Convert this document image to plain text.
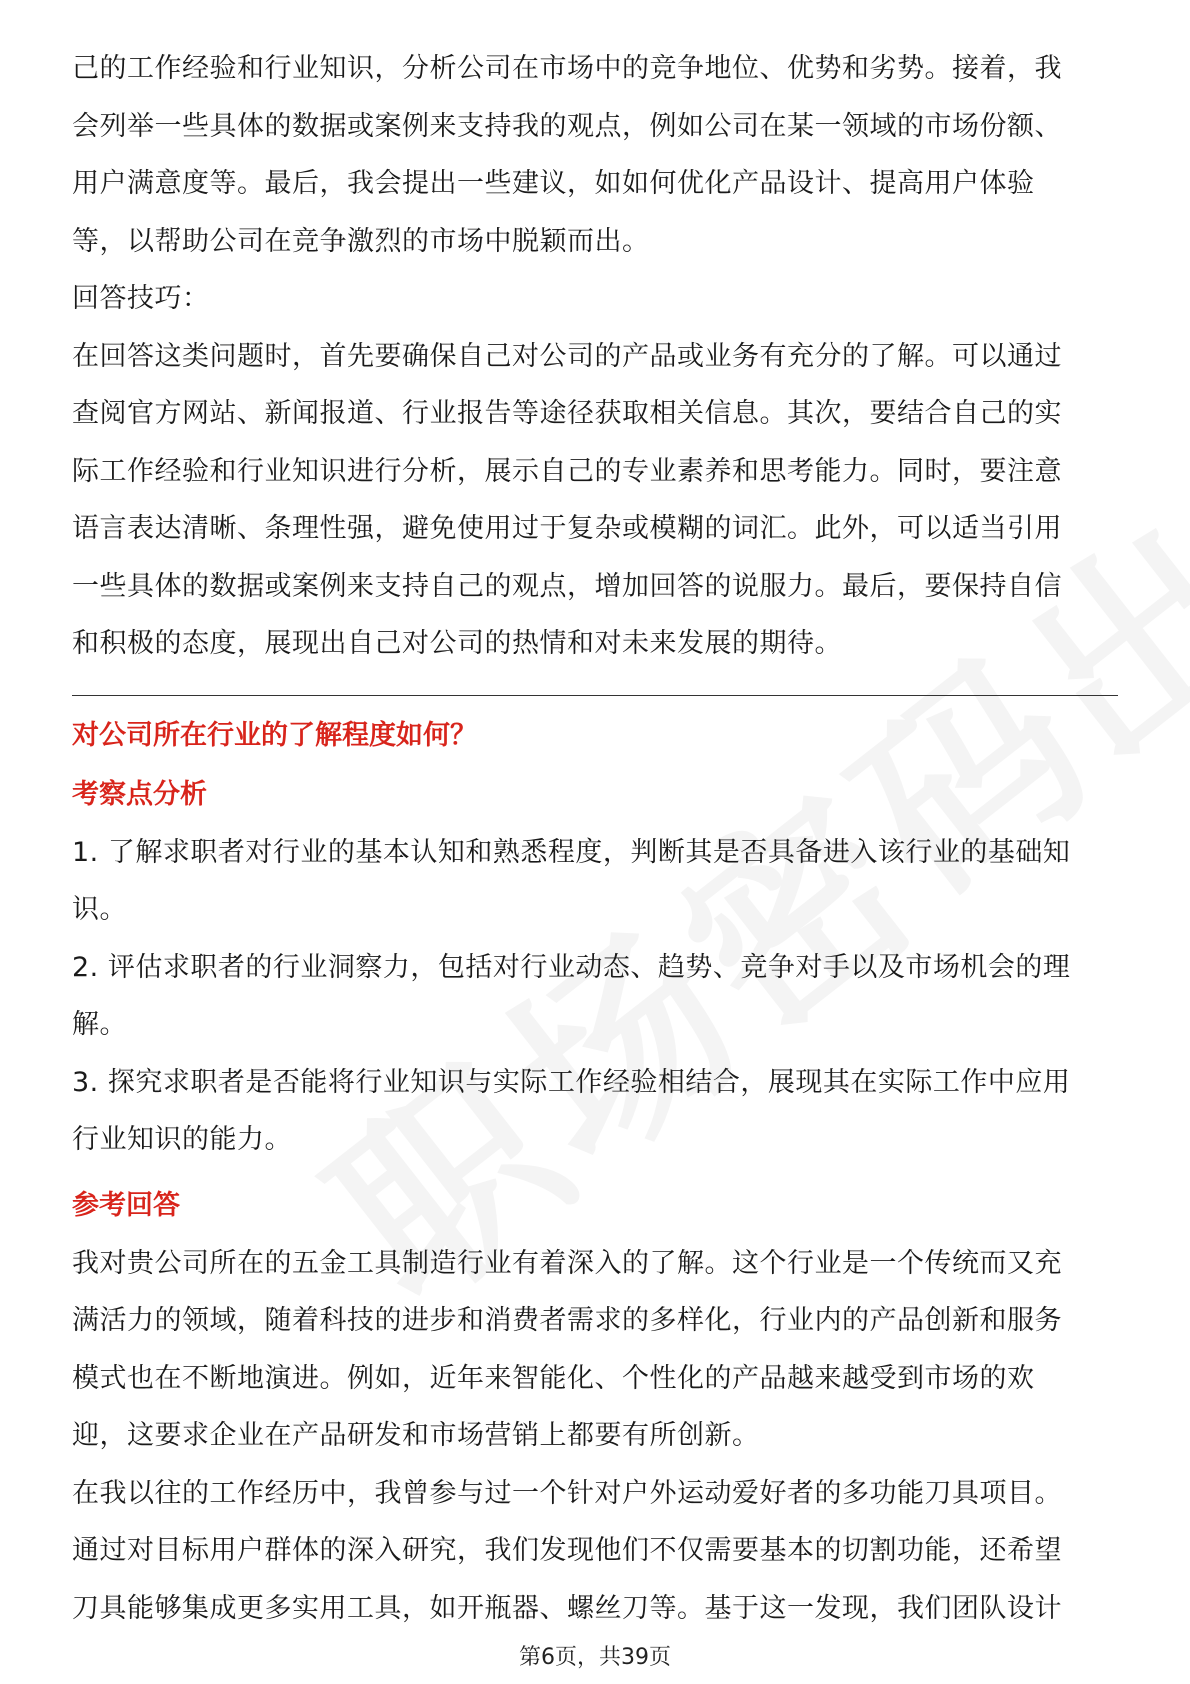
己的工作经验和行业知识，分析公司在市场中的竞争地位、优势和劣势。接着，我

会列举一些具体的数据或案例来支持我的观点，例如公司在某一领域的市场份额、

用户满意度等。最后，我会提出一些建议，如如何优化产品设计、提高用户体验

等，以帮助公司在竞争激烈的市场中脱颖而出。

回答技巧：

在回答这类问题时，首先要确保自己对公司的产品或业务有充分的了解。可以通过

查阅官方网站、新闻报道、行业报告等途径获取相关信息。其次，要结合自己的实

际工作经验和行业知识进行分析，展示自己的专业素养和思考能力。同时，要注意

语言表达清晰、条理性强，避免使用过于复杂或模糊的词汇。此外，可以适当引用

一些具体的数据或案例来支持自己的观点，增加回答的说服力。最后，要保持自信

和积极的态度，展现出自己对公司的热情和对未来发展的期待。

对公司所在行业的了解程度如何？

考察点分析

1. 了解求职者对行业的基本认知和熟悉程度，判断其是否具备进入该行业的基础知

识。

2. 评估求职者的行业洞察力，包括对行业动态、趋势、竞争对手以及市场机会的理

解。

3. 探究求职者是否能将行业知识与实际工作经验相结合，展现其在实际工作中应用

行业知识的能力。

参考回答

我对贵公司所在的五金工具制造行业有着深入的了解。这个行业是一个传统而又充

满活力的领域，随着科技的进步和消费者需求的多样化，行业内的产品创新和服务

模式也在不断地演进。例如，近年来智能化、个性化的产品越来越受到市场的欢

迎，这要求企业在产品研发和市场营销上都要有所创新。

在我以往的工作经历中，我曾参与过一个针对户外运动爱好者的多功能刀具项目。

通过对目标用户群体的深入研究，我们发现他们不仅需要基本的切割功能，还希望

刀具能够集成更多实用工具，如开瓶器、螺丝刀等。基于这一发现，我们团队设计

第6页，共39页
